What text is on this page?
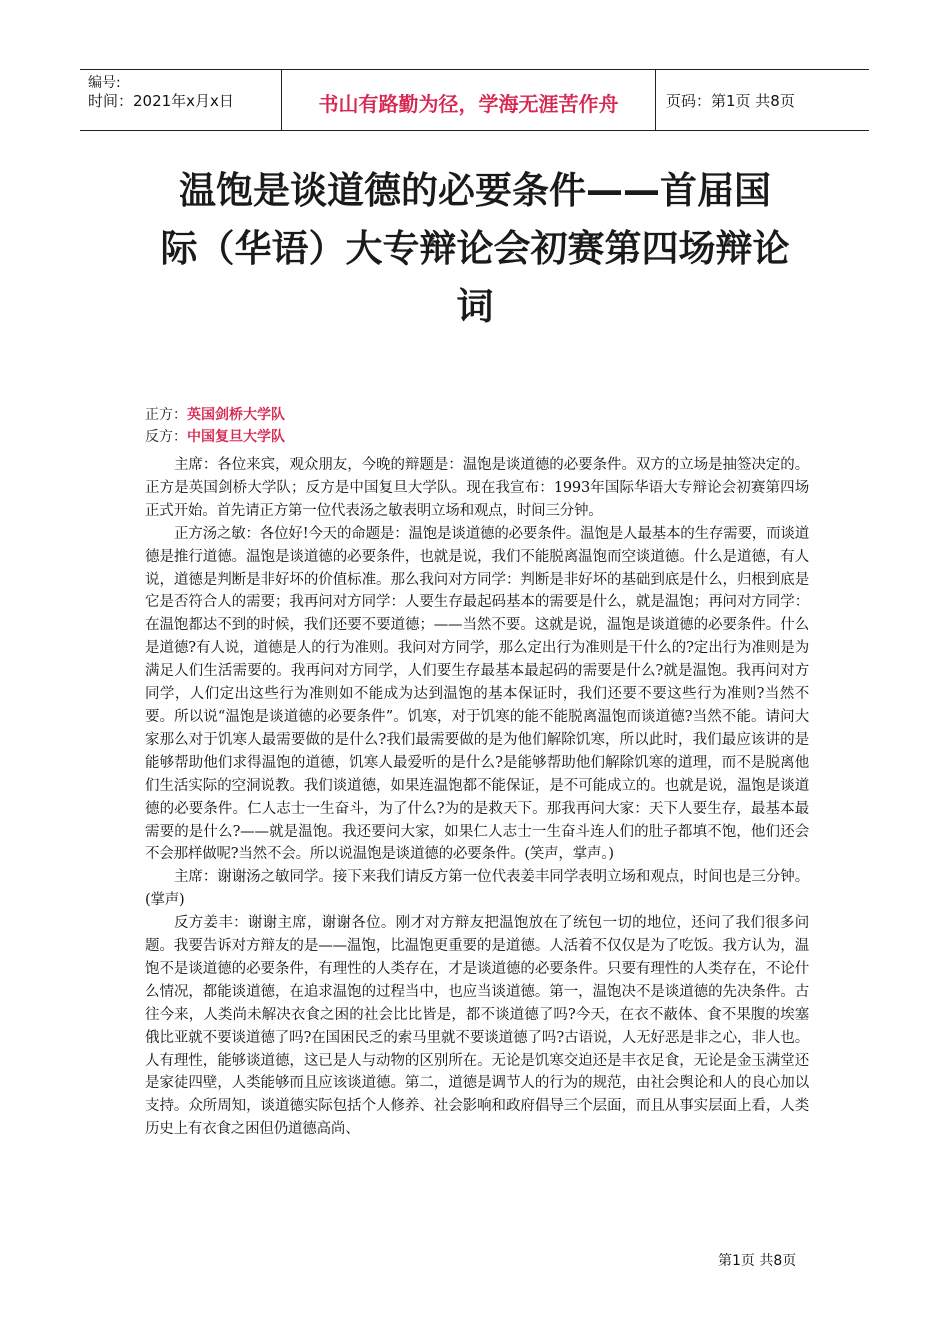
编号:
时间：2021年x月x日	书山有路勤为径，学海无涯苦作舟	页码：第1页 共8页
温饱是谈道德的必要条件——首届国
际（华语）大专辩论会初赛第四场辩论
词
正方：英国剑桥大学队
反方：中国复旦大学队

主席：各位来宾，观众朋友，今晚的辩题是：温饱是谈道德的必要条件。双方的立场是抽签决定的。正方是英国剑桥大学队；反方是中国复旦大学队。现在我宣布：1993年国际华语大专辩论会初赛第四场正式开始。首先请正方第一位代表汤之敏表明立场和观点，时间三分钟。

正方汤之敏：各位好!今天的命题是：温饱是谈道德的必要条件。温饱是人最基本的生存需要，而谈道德是推行道德。温饱是谈道德的必要条件，也就是说，我们不能脱离温饱而空谈道德。什么是道德，有人说，道德是判断是非好坏的价值标准。那么我问对方同学：判断是非好坏的基础到底是什么，归根到底是它是否符合人的需要；我再问对方同学：人要生存最起码基本的需要是什么，就是温饱；再问对方同学：在温饱都达不到的时候，我们还要不要道德；——当然不要。这就是说，温饱是谈道德的必要条件。什么是道德?有人说，道德是人的行为准则。我问对方同学，那么定出行为准则是干什么的?定出行为准则是为满足人们生活需要的。我再问对方同学，人们要生存最基本最起码的需要是什么?就是温饱。我再问对方同学，人们定出这些行为准则如不能成为达到温饱的基本保证时，我们还要不要这些行为准则?当然不要。所以说“温饱是谈道德的必要条件”。饥寒，对于饥寒的能不能脱离温饱而谈道德?当然不能。请问大家那么对于饥寒人最需要做的是什么?我们最需要做的是为他们解除饥寒，所以此时，我们最应该讲的是能够帮助他们求得温饱的道德，饥寒人最爱听的是什么?是能够帮助他们解除饥寒的道理，而不是脱离他们生活实际的空洞说教。我们谈道德，如果连温饱都不能保证，是不可能成立的。也就是说，温饱是谈道德的必要条件。仁人志士一生奋斗，为了什么?为的是救天下。那我再问大家：天下人要生存，最基本最需要的是什么?——就是温饱。我还要问大家，如果仁人志士一生奋斗连人们的肚子都填不饱，他们还会不会那样做呢?当然不会。所以说温饱是谈道德的必要条件。(笑声，掌声。)

主席：谢谢汤之敏同学。接下来我们请反方第一位代表姜丰同学表明立场和观点，时间也是三分钟。(掌声)

反方姜丰：谢谢主席，谢谢各位。刚才对方辩友把温饱放在了统包一切的地位，还问了我们很多问题。我要告诉对方辩友的是——温饱，比温饱更重要的是道德。人活着不仅仅是为了吃饭。我方认为，温饱不是谈道德的必要条件，有理性的人类存在，才是谈道德的必要条件。只要有理性的人类存在，不论什么情况，都能谈道德，在追求温饱的过程当中，也应当谈道德。第一，温饱决不是谈道德的先决条件。古往今来，人类尚未解决衣食之困的社会比比皆是，都不谈道德了吗?今天，在衣不蔽体、食不果腹的埃塞俄比亚就不要谈道德了吗?在国困民乏的索马里就不要谈道德了吗?古语说，人无好恶是非之心，非人也。人有理性，能够谈道德，这已是人与动物的区别所在。无论是饥寒交迫还是丰衣足食，无论是金玉满堂还是家徒四壁，人类能够而且应该谈道德。第二，道德是调节人的行为的规范，由社会舆论和人的良心加以支持。众所周知，谈道德实际包括个人修养、社会影响和政府倡导三个层面，而且从事实层面上看，人类历史上有衣食之困但仍道德高尚、

第1页 共8页
